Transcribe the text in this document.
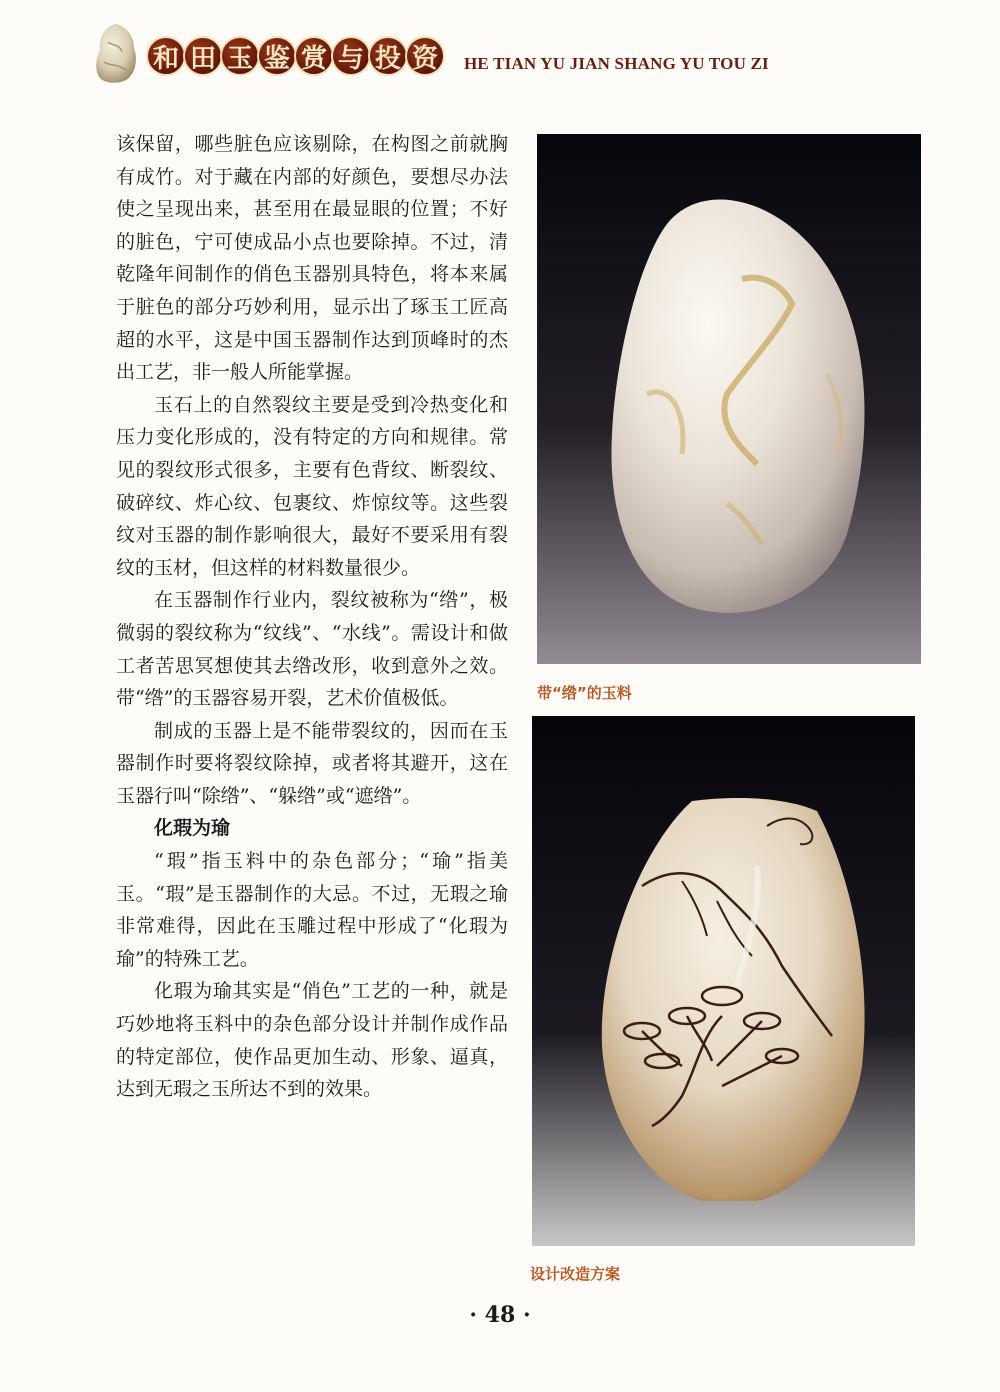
和 田 玉 鉴 赏 与 投 资	HE TIAN YU JIAN SHANG YU TOU ZI

该保留，哪些脏色应该剔除，在构图之前就胸有成竹。对于藏在内部的好颜色，要想尽办法使之呈现出来，甚至用在最显眼的位置；不好的脏色，宁可使成品小点也要除掉。不过，清乾隆年间制作的俏色玉器别具特色，将本来属于脏色的部分巧妙利用，显示出了琢玉工匠高超的水平，这是中国玉器制作达到顶峰时的杰出工艺，非一般人所能掌握。

玉石上的自然裂纹主要是受到冷热变化和压力变化形成的，没有特定的方向和规律。常见的裂纹形式很多，主要有色背纹、断裂纹、破碎纹、炸心纹、包裹纹、炸惊纹等。这些裂纹对玉器的制作影响很大，最好不要采用有裂纹的玉材，但这样的材料数量很少。

在玉器制作行业内，裂纹被称为“绺”，极微弱的裂纹称为“纹线”、“水线”。需设计和做工者苦思冥想使其去绺改形，收到意外之效。带“绺”的玉器容易开裂，艺术价值极低。

制成的玉器上是不能带裂纹的，因而在玉器制作时要将裂纹除掉，或者将其避开，这在玉器行叫“除绺”、“躲绺”或“遮绺”。

化瑕为瑜

“瑕”指玉料中的杂色部分；“瑜”指美玉。“瑕”是玉器制作的大忌。不过，无瑕之瑜非常难得，因此在玉雕过程中形成了“化瑕为瑜”的特殊工艺。

化瑕为瑜其实是“俏色”工艺的一种，就是巧妙地将玉料中的杂色部分设计并制作成作品的特定部位，使作品更加生动、形象、逼真，达到无瑕之玉所达不到的效果。

带“绺”的玉料
设计改造方案
· 48 ·
